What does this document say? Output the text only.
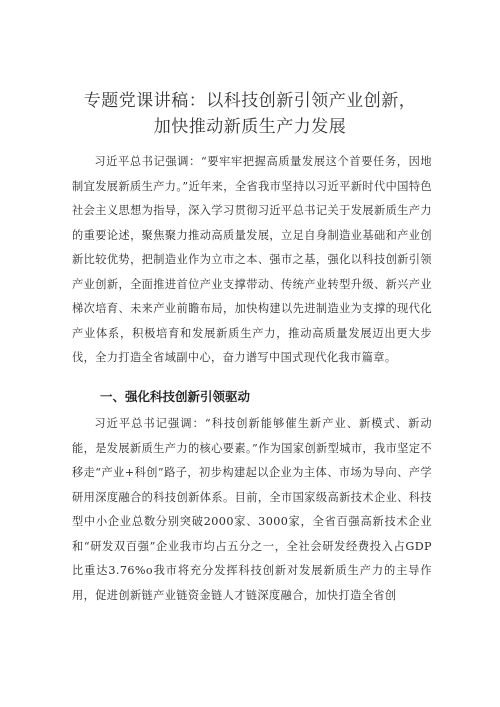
专题党课讲稿：以科技创新引领产业创新，
加快推动新质生产力发展

习近平总书记强调：“要牢牢把握高质量发展这个首要任务，因地制宜发展新质生产力。”近年来，全省我市坚持以习近平新时代中国特色社会主义思想为指导，深入学习贯彻习近平总书记关于发展新质生产力的重要论述，聚焦聚力推动高质量发展，立足自身制造业基础和产业创新比较优势，把制造业作为立市之本、强市之基，强化以科技创新引领产业创新，全面推进首位产业支撑带动、传统产业转型升级、新兴产业梯次培育、未来产业前瞻布局，加快构建以先进制造业为支撑的现代化产业体系，积极培育和发展新质生产力，推动高质量发展迈出更大步伐，全力打造全省域副中心，奋力谱写中国式现代化我市篇章。

一、强化科技创新引领驱动

习近平总书记强调：“科技创新能够催生新产业、新模式、新动能，是发展新质生产力的核心要素。”作为国家创新型城市，我市坚定不移走“产业+科创”路子，初步构建起以企业为主体、市场为导向、产学研用深度融合的科技创新体系。目前，全市国家级高新技术企业、科技型中小企业总数分别突破2000家、3000家，全省百强高新技术企业和“研发双百强”企业我市均占五分之一，全社会研发经费投入占GDP比重达3.76%o我市将充分发挥科技创新对发展新质生产力的主导作用，促进创新链产业链资金链人才链深度融合，加快打造全省创
